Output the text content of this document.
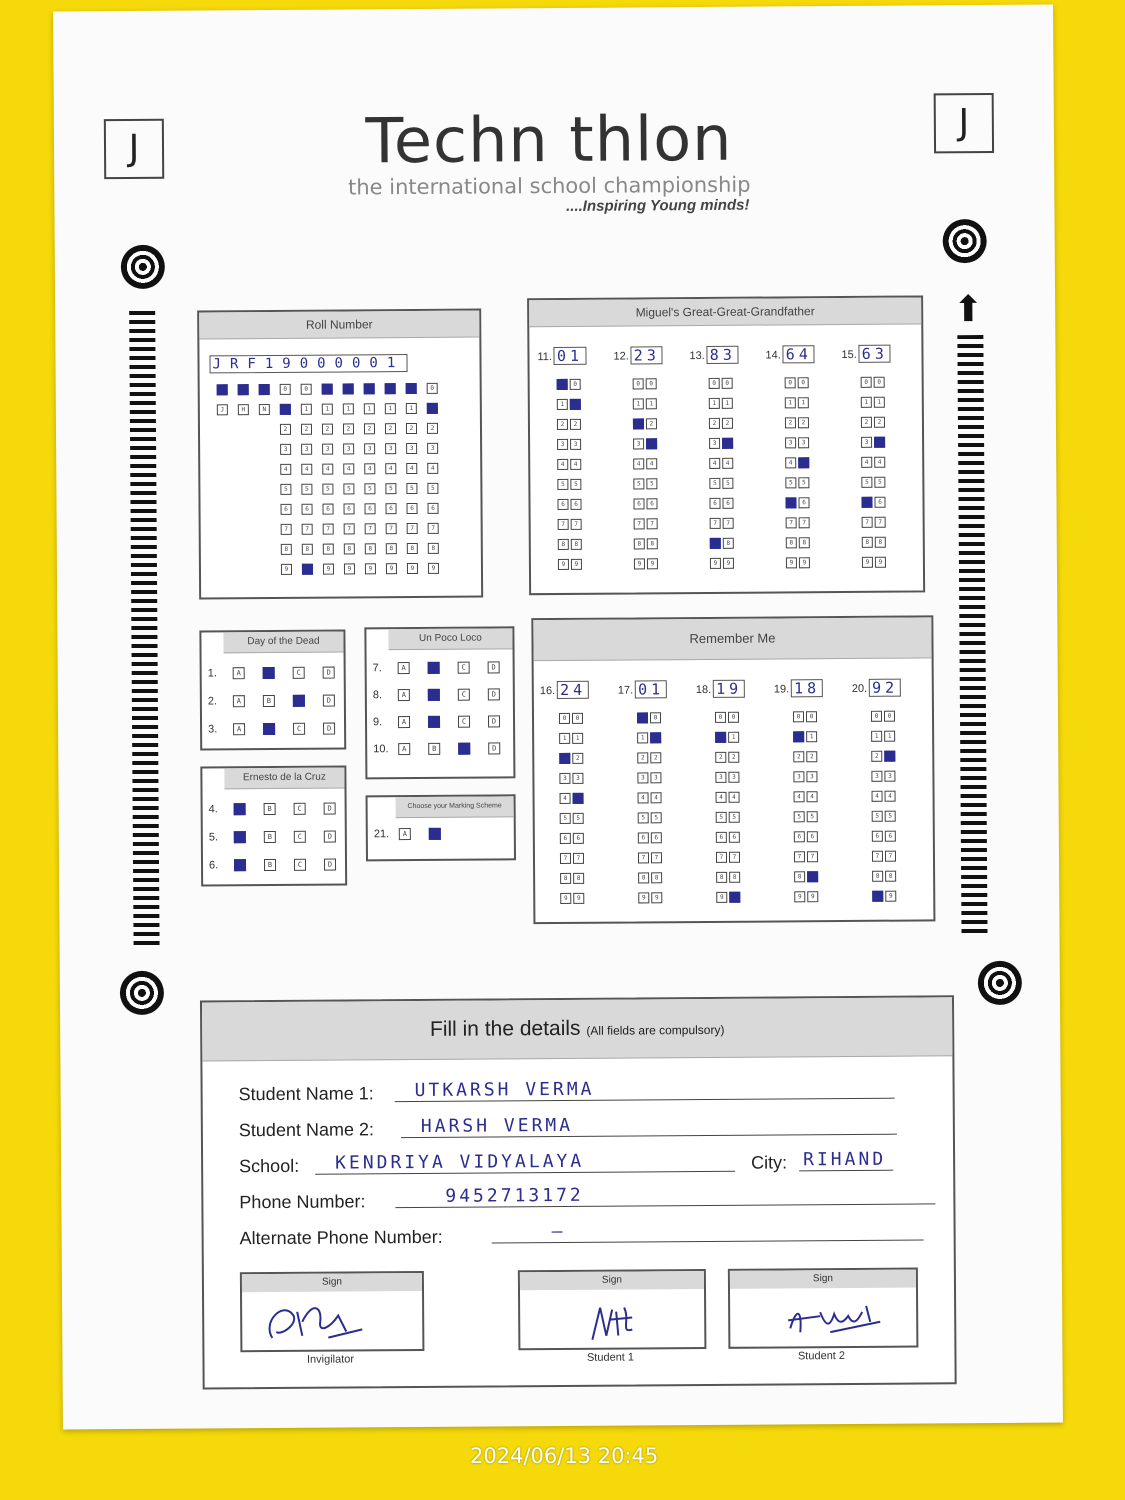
J
J
Techn thlon
the international school championship
....Inspiring Young minds!
⬆
Roll Number
JRF19000001
J	R	F	0	0	0	0	0	0	0	0
J	H	N	1	1	1	1	1	1	1	1
2	2	2	2	2	2	2	2
3	3	3	3	3	3	3	3
4	4	4	4	4	4	4	4
5	5	5	5	5	5	5	5
6	6	6	6	6	6	6	6
7	7	7	7	7	7	7	7
8	8	8	8	8	8	8	8
9	9	9	9	9	9	9	9
Miguel's Great-Great-Grandfather
11. 01
0 0
1 1
2 2
3 3
4 4
5 5
6 6
7 7
8 8
9 9
12. 23
0 0
1 1
2 2
3 3
4 4
5 5
6 6
7 7
8 8
9 9
13. 83
0 0
1 1
2 2
3 3
4 4
5 5
6 6
7 7
8 8
9 9
14. 64
0 0
1 1
2 2
3 3
4 4
5 5
6 6
7 7
8 8
9 9
15. 63
0 0
1 1
2 2
3 3
4 4
5 5
6 6
7 7
8 8
9 9
Day of the Dead
1.	A	B	C	D
2.	A	B	C	D
3.	A	B	C	D
Un Poco Loco
7.	A	B	C	D
8.	A	B	C	D
9.	A	B	C	D
10. A	B	C	D
Ernesto de la Cruz
4.	A	B	C	D
5.	A	B	C	D
6.	A	B	C	D
Choose your Marking Scheme
21. A	B
Remember Me
16. 24
0 0
1 1
2 2
3 3
4 4
5 5
6 6
7 7
8 8
9 9
17. 01
0 0
1 1
2 2
3 3
4 4
5 5
6 6
7 7
8 8
9 9
18. 19
0 0
1 1
2 2
3 3
4 4
5 5
6 6
7 7
8 8
9 9
19. 18
0 0
1 1
2 2
3 3
4 4
5 5
6 6
7 7
8 8
9 9
20. 92
0 0
1 1
2 2
3 3
4 4
5 5
6 6
7 7
8 8
9 9
Fill in the details (All fields are compulsory)
Student Name 1:	UTKARSH VERMA
Student Name 2:	HARSH VERMA
School:	KENDRIYA VIDYALAYA	City: RIHAND
Phone Number:	9452713172
Alternate Phone Number:	—
Sign
Invigilator
Sign
Student 1
Sign
Student 2
2024/06/13 20:45
